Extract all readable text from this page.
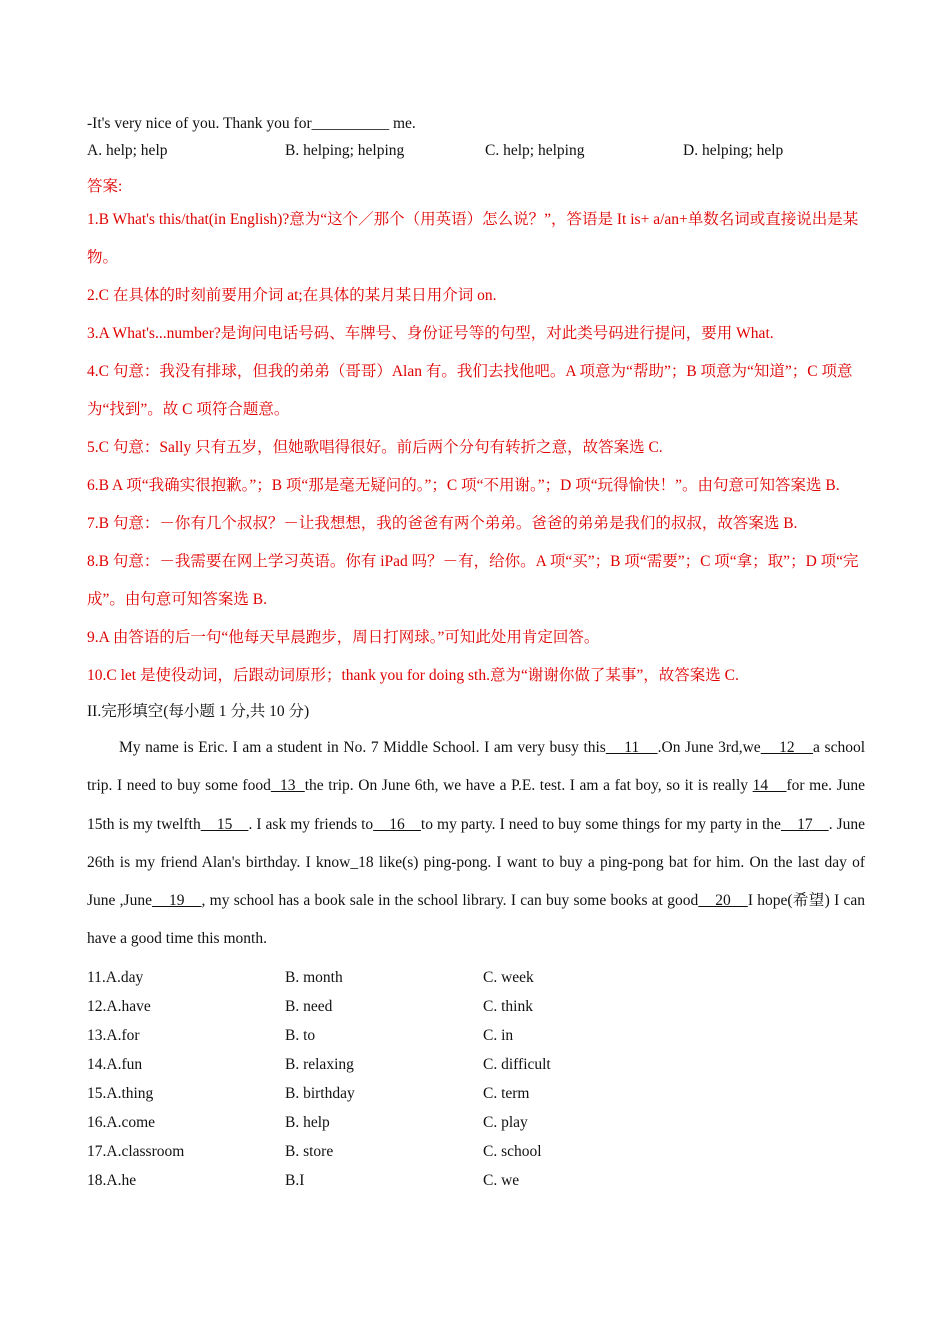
-It's very nice of you. Thank you for__________ me.
A. help; help	B. helping; helping	C. help; helping	D. helping; help
答案:
1.B What's this/that(in English)?意为“这个／那个（用英语）怎么说？”，答语是 It is+ a/an+单数名词或直接说出是某物。
2.C 在具体的时刻前要用介词 at;在具体的某月某日用介词 on.
3.A What's...number?是询问电话号码、车牌号、身份证号等的句型，对此类号码进行提问，要用 What.
4.C 句意：我没有排球，但我的弟弟（哥哥）Alan 有。我们去找他吧。A 项意为“帮助”；B 项意为“知道”；C 项意为“找到”。故 C 项符合题意。
5.C 句意：Sally 只有五岁，但她歌唱得很好。前后两个分句有转折之意，故答案选 C.
6.B A 项“我确实很抱歉。”；B 项“那是毫无疑问的。”；C 项“不用谢。”；D 项“玩得愉快！”。由句意可知答案选 B.
7.B 句意：－你有几个叔叔？－让我想想，我的爸爸有两个弟弟。爸爸的弟弟是我们的叔叔，故答案选 B.
8.B 句意：－我需要在网上学习英语。你有 iPad 吗？－有，给你。A 项“买”；B 项“需要”；C 项“拿；取”；D 项“完成”。由句意可知答案选 B.
9.A 由答语的后一句“他每天早晨跑步，周日打网球。”可知此处用肯定回答。
10.C let 是使役动词，后跟动词原形；thank you for doing sth.意为“谢谢你做了某事”，故答案选 C.
II.完形填空(每小题 1 分,共 10 分)

My name is Eric. I am a student in No. 7 Middle School. I am very busy this    11    .On June 3rd,we    12    a school trip. I need to buy some food  13  the trip. On June 6th, we have a P.E. test. I am a fat boy, so it is really 14    for me. June 15th is my twelfth    15    . I ask my friends to    16    to my party. I need to buy some things for my party in the    17    . June 26th is my friend Alan's birthday. I know_18 like(s) ping-pong. I want to buy a ping-pong bat for him. On the last day of June ,June    19    , my school has a book sale in the school library. I can buy some books at good    20    I hope(希望) I can have a good time this month.

11.A.day	B. month	C. week
12.A.have	B. need	C. think
13.A.for	B. to	C. in
14.A.fun	B. relaxing	C. difficult
15.A.thing	B. birthday	C. term
16.A.come	B. help	C. play
17.A.classroom	B. store	C. school
18.A.he	B.I	C. we
